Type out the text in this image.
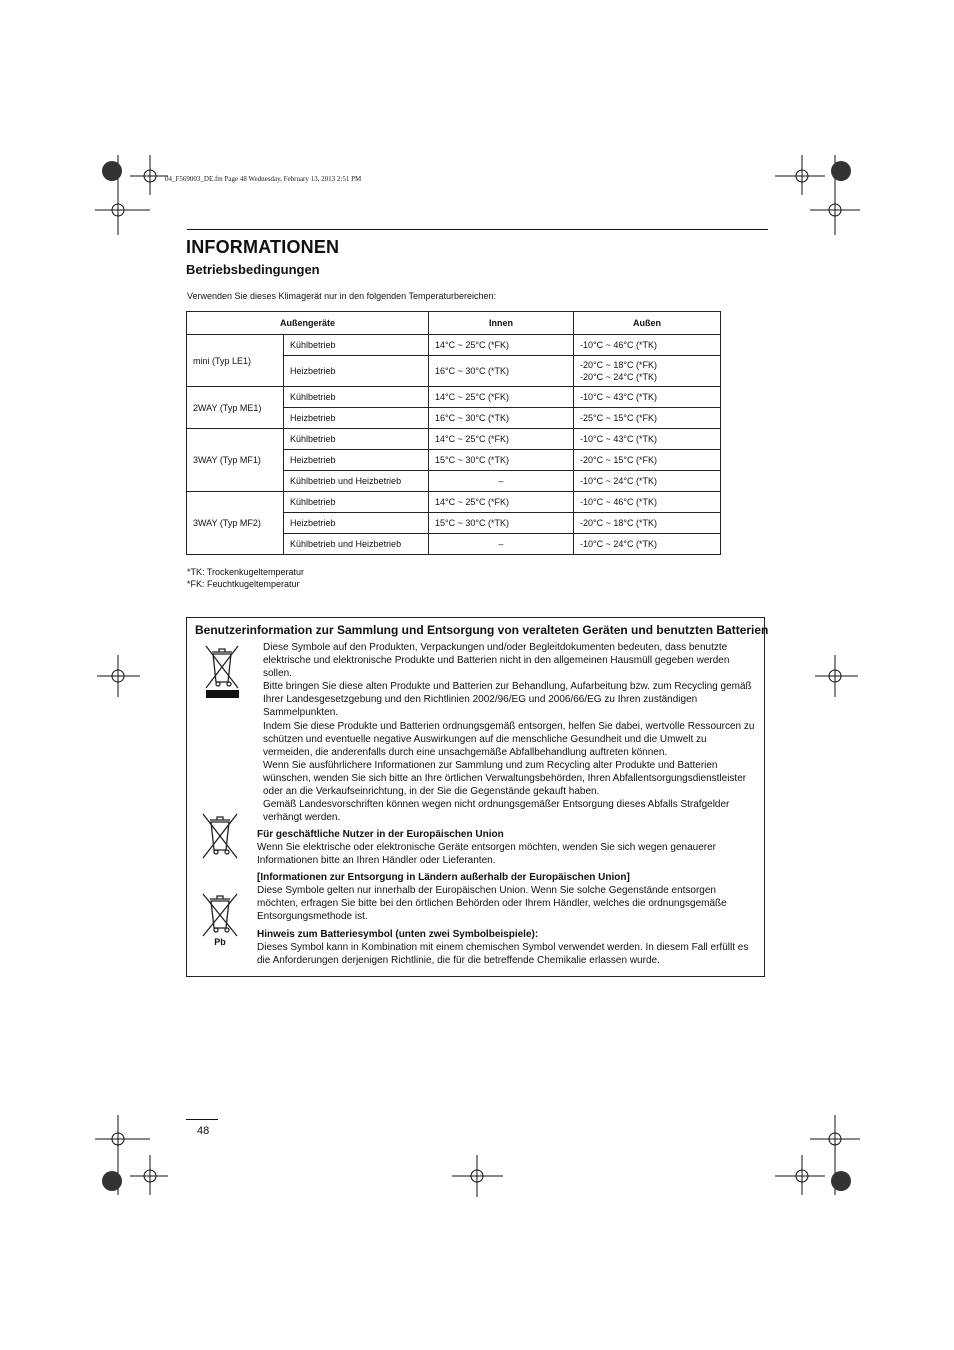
04_F569003_DE.fm Page 48 Wednesday, February 13, 2013 2:51 PM
INFORMATIONEN
Betriebsbedingungen
Verwenden Sie dieses Klimagerät nur in den folgenden Temperaturbereichen:
Außengeräte		Innen	Außen
mini (Typ LE1)	Kühlbetrieb	14°C ~ 25°C (*FK)	-10°C ~ 46°C (*TK)
	Heizbetrieb	16°C ~ 30°C (*TK)	-20°C ~ 18°C (*FK)
-20°C ~ 24°C (*TK)

2WAY (Typ ME1)	Kühlbetrieb	14°C ~ 25°C (*FK)	-10°C ~ 43°C (*TK)
	Heizbetrieb	16°C ~ 30°C (*TK)	-25°C ~ 15°C (*FK)
3WAY (Typ MF1)	Kühlbetrieb	14°C ~ 25°C (*FK)	-10°C ~ 43°C (*TK)
	Heizbetrieb	15°C ~ 30°C (*TK)	-20°C ~ 15°C (*FK)
	Kühlbetrieb und Heizbetrieb	–	-10°C ~ 24°C (*TK)
3WAY (Typ MF2)	Kühlbetrieb	14°C ~ 25°C (*FK)	-10°C ~ 46°C (*TK)
	Heizbetrieb	15°C ~ 30°C (*TK)	-20°C ~ 18°C (*TK)
	Kühlbetrieb und Heizbetrieb	–	-10°C ~ 24°C (*TK)
*TK: Trockenkugeltemperatur
*FK: Feuchtkugeltemperatur
Benutzerinformation zur Sammlung und Entsorgung von veralteten Geräten und benutzten Batterien
Pb
Diese Symbole auf den Produkten, Verpackungen und/oder Begleitdokumenten bedeuten, dass benutzte elektrische und elektronische Produkte und Batterien nicht in den allgemeinen Hausmüll gegeben werden sollen.
Bitte bringen Sie diese alten Produkte und Batterien zur Behandlung, Aufarbeitung bzw. zum Recycling gemäß Ihrer Landesgesetzgebung und den Richtlinien 2002/96/EG und 2006/66/EG zu Ihren zuständigen Sammelpunkten.
Indem Sie diese Produkte und Batterien ordnungsgemäß entsorgen, helfen Sie dabei, wertvolle Ressourcen zu schützen und eventuelle negative Auswirkungen auf die menschliche Gesundheit und die Umwelt zu vermeiden, die anderenfalls durch eine unsachgemäße Abfallbehandlung auftreten können.
Wenn Sie ausführlichere Informationen zur Sammlung und zum Recycling alter Produkte und Batterien wünschen, wenden Sie sich bitte an Ihre örtlichen Verwaltungsbehörden, Ihren Abfallentsorgungsdienstleister oder an die Verkaufseinrichtung, in der Sie die Gegenstände gekauft haben.
Gemäß Landesvorschriften können wegen nicht ordnungsgemäßer Entsorgung dieses Abfalls Strafgelder verhängt werden.
Für geschäftliche Nutzer in der Europäischen Union
Wenn Sie elektrische oder elektronische Geräte entsorgen möchten, wenden Sie sich wegen genauerer Informationen bitte an Ihren Händler oder Lieferanten.
[Informationen zur Entsorgung in Ländern außerhalb der Europäischen Union]
Diese Symbole gelten nur innerhalb der Europäischen Union. Wenn Sie solche Gegenstände entsorgen möchten, erfragen Sie bitte bei den örtlichen Behörden oder Ihrem Händler, welches die ordnungsgemäße Entsorgungsmethode ist.
Hinweis zum Batteriesymbol (unten zwei Symbolbeispiele):
Dieses Symbol kann in Kombination mit einem chemischen Symbol verwendet werden. In diesem Fall erfüllt es die Anforderungen derjenigen Richtlinie, die für die betreffende Chemikalie erlassen wurde.
48
